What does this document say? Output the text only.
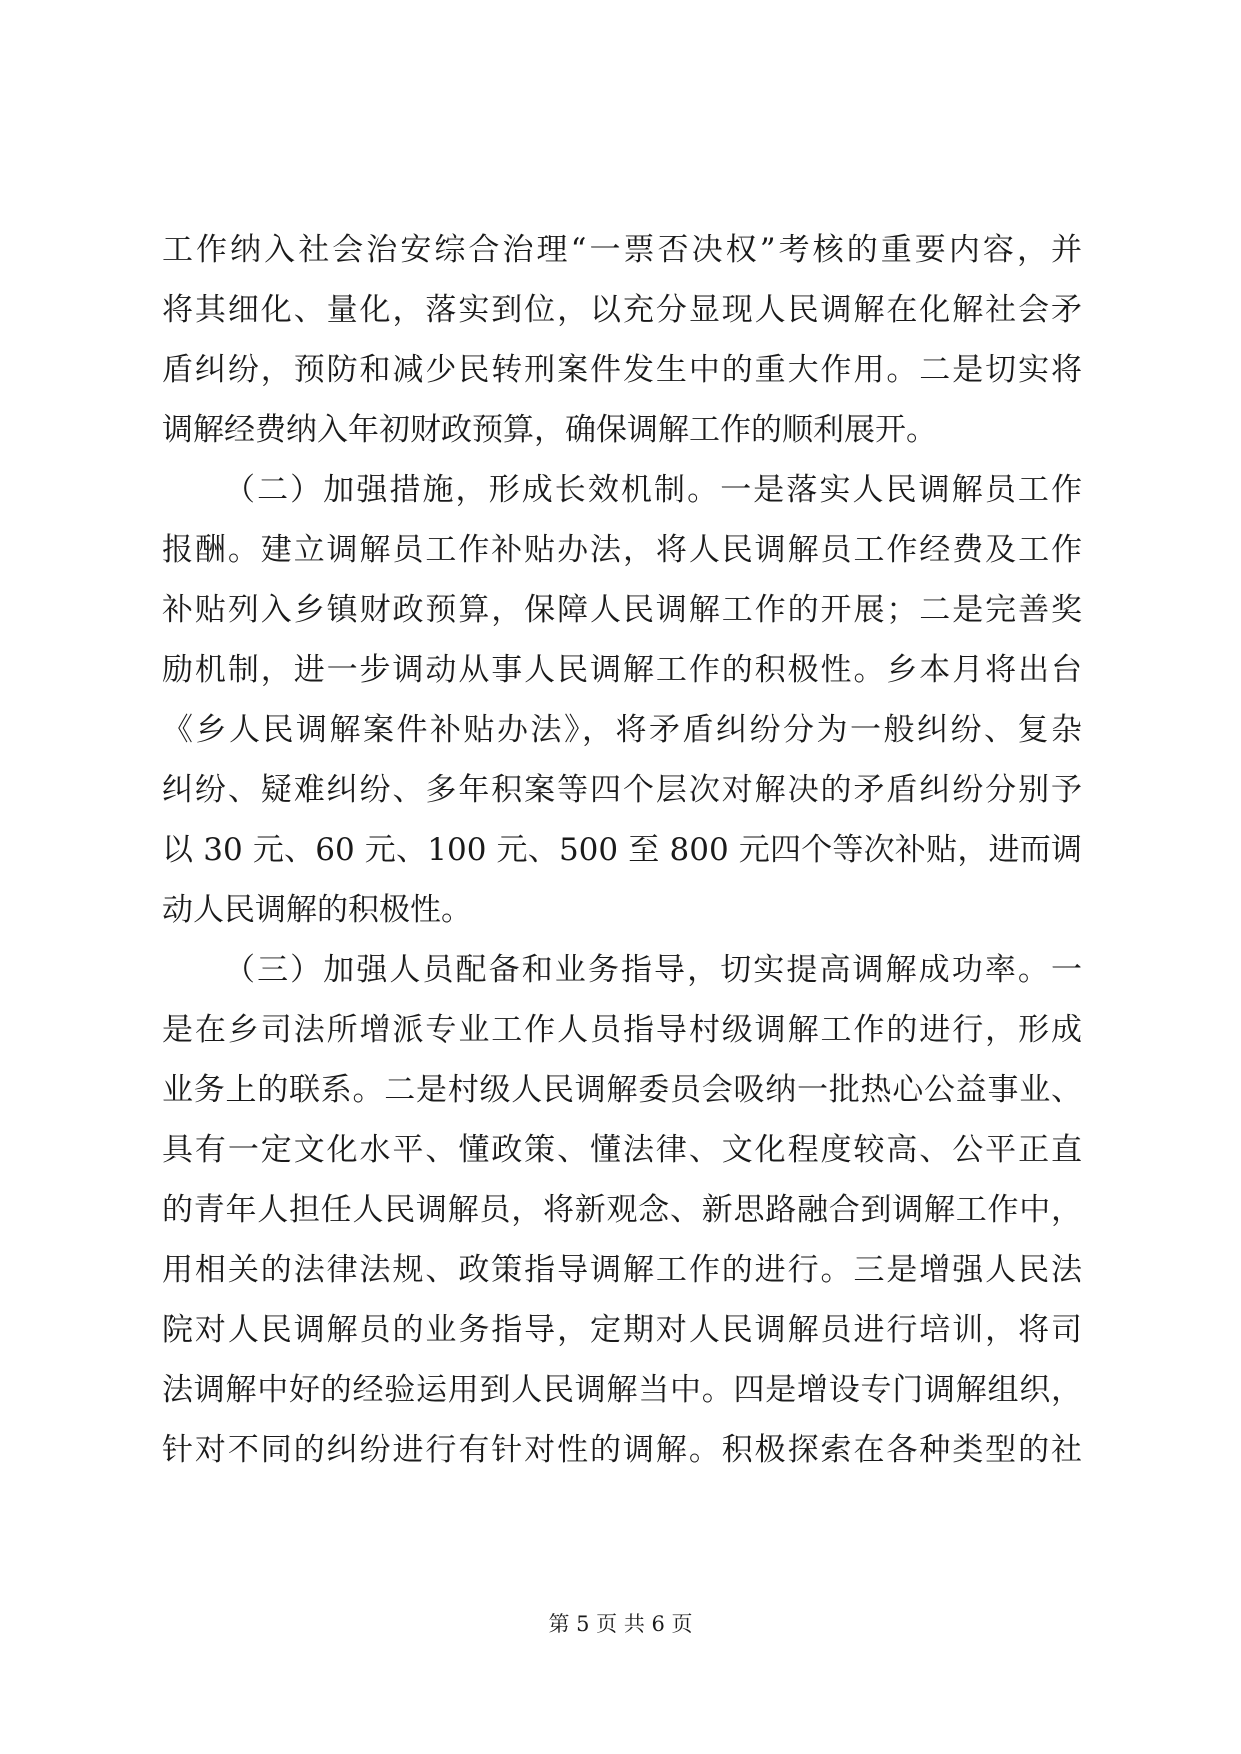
工作纳入社会治安综合治理“一票否决权”考核的重要内容，并
将其细化、量化，落实到位，以充分显现人民调解在化解社会矛
盾纠纷，预防和减少民转刑案件发生中的重大作用。二是切实将
调解经费纳入年初财政预算，确保调解工作的顺利展开。
（二）加强措施，形成长效机制。一是落实人民调解员工作
报酬。建立调解员工作补贴办法，将人民调解员工作经费及工作
补贴列入乡镇财政预算，保障人民调解工作的开展；二是完善奖
励机制，进一步调动从事人民调解工作的积极性。乡本月将出台
《乡人民调解案件补贴办法》，将矛盾纠纷分为一般纠纷、复杂
纠纷、疑难纠纷、多年积案等四个层次对解决的矛盾纠纷分别予
以 30 元、60 元、100 元、500 至 800 元四个等次补贴，进而调
动人民调解的积极性。
（三）加强人员配备和业务指导，切实提高调解成功率。一
是在乡司法所增派专业工作人员指导村级调解工作的进行，形成
业务上的联系。二是村级人民调解委员会吸纳一批热心公益事业、
具有一定文化水平、懂政策、懂法律、文化程度较高、公平正直
的青年人担任人民调解员，将新观念、新思路融合到调解工作中，
用相关的法律法规、政策指导调解工作的进行。三是增强人民法
院对人民调解员的业务指导，定期对人民调解员进行培训，将司
法调解中好的经验运用到人民调解当中。四是增设专门调解组织，
针对不同的纠纷进行有针对性的调解。积极探索在各种类型的社
第 5 页 共 6 页
